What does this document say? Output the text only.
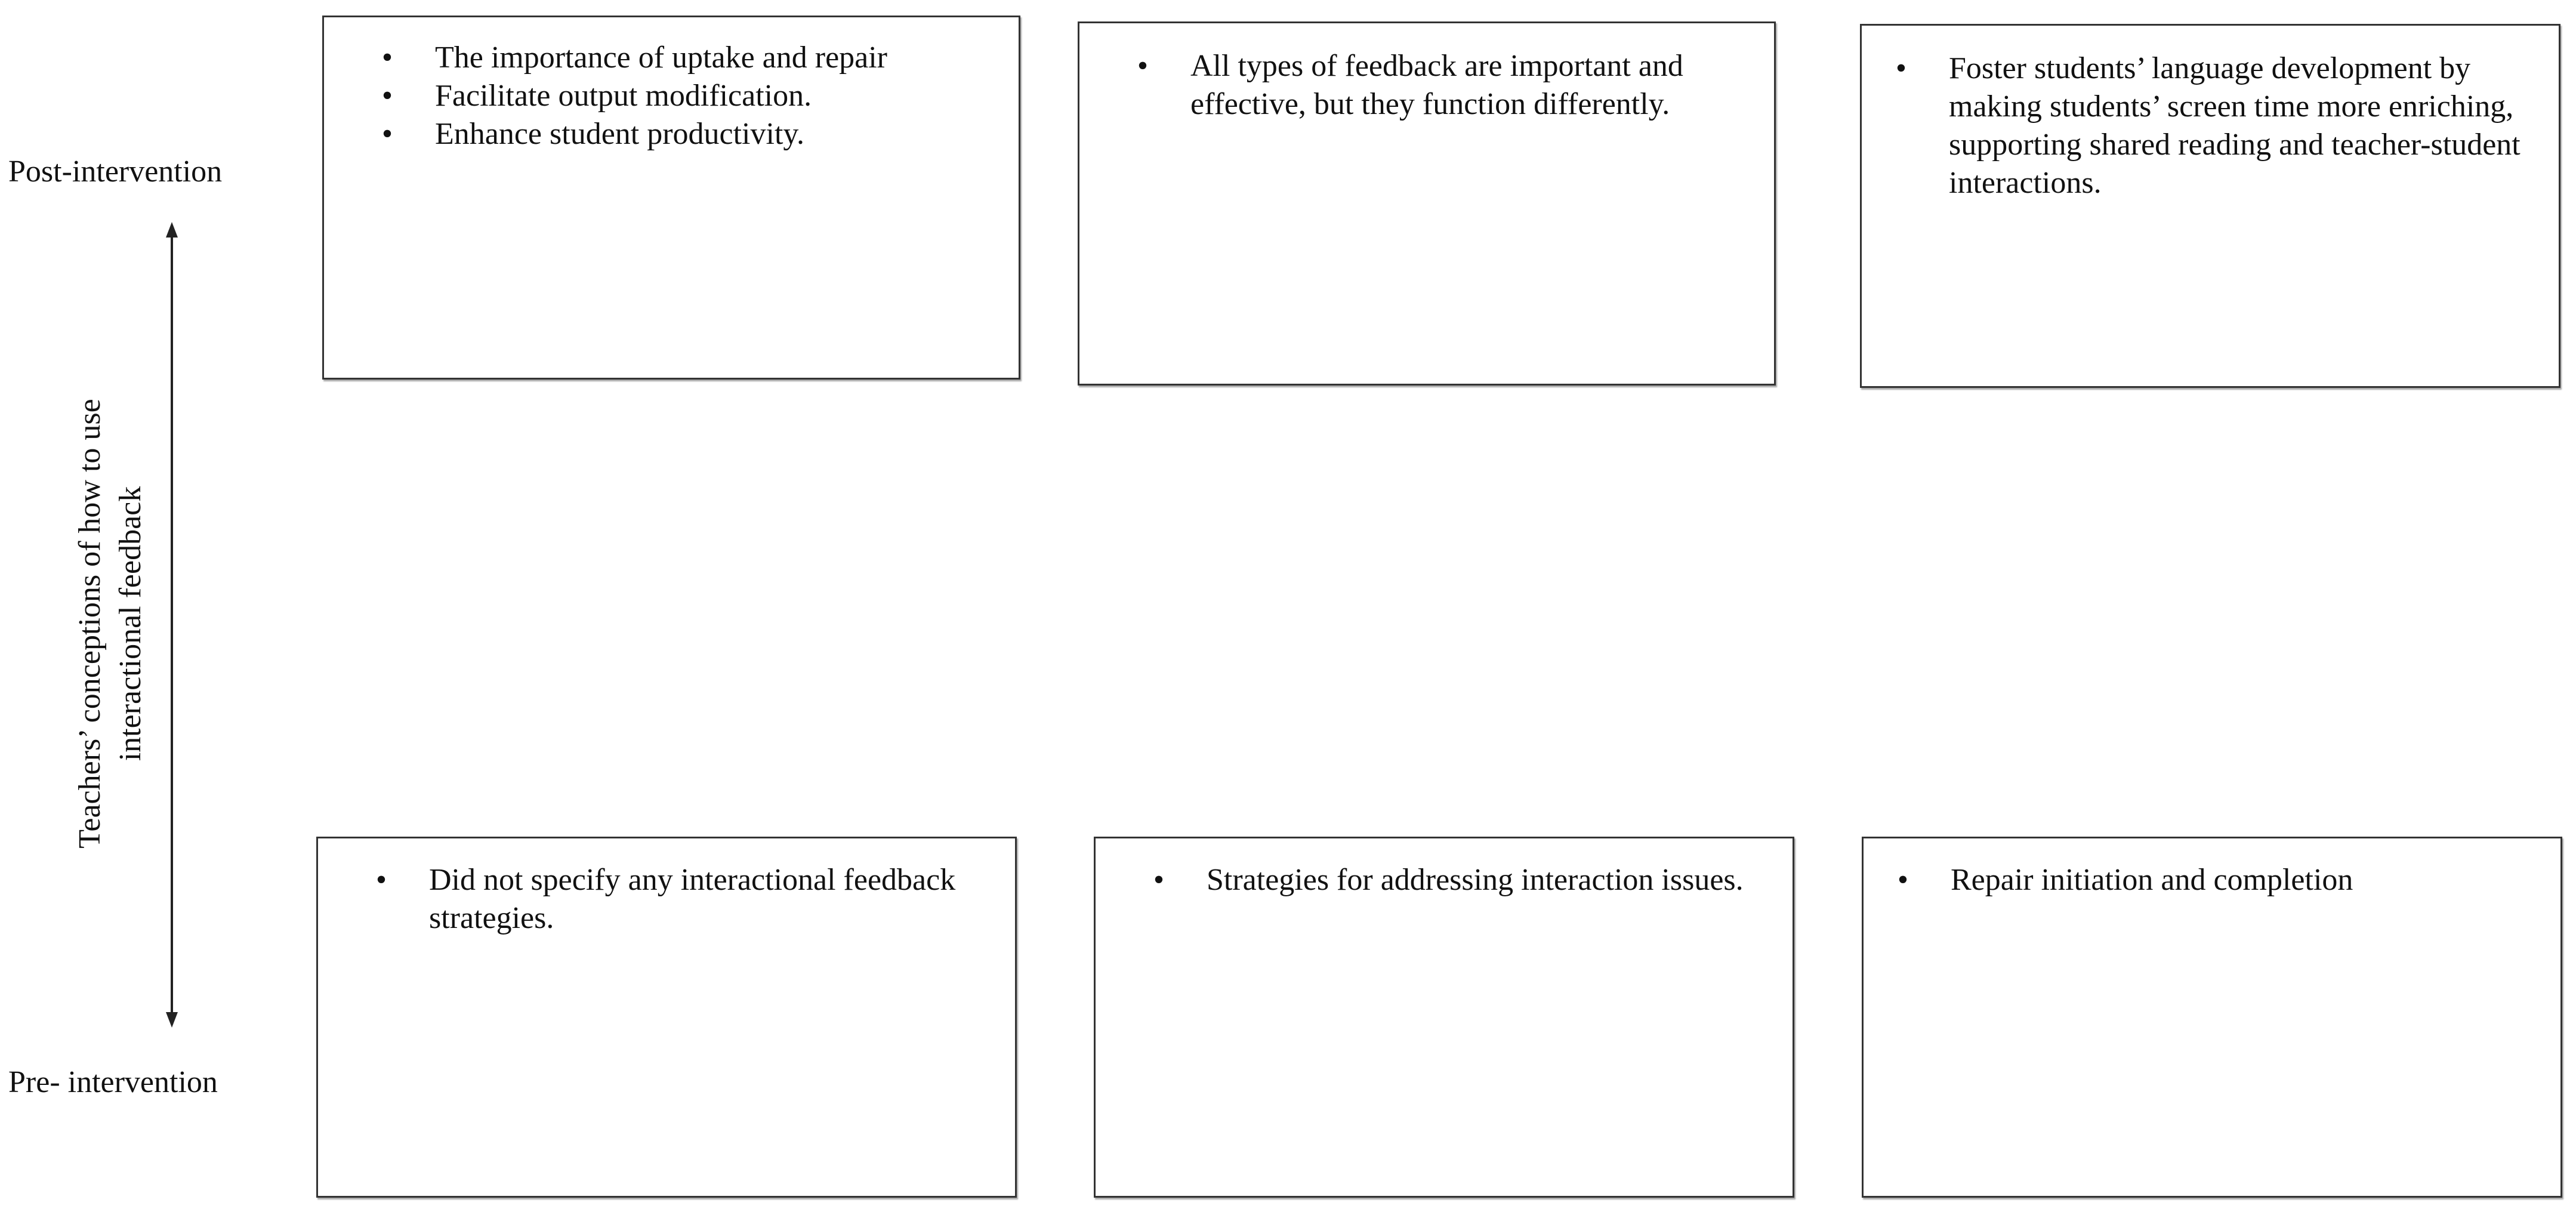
Post-intervention
Pre- intervention
Teachers’ conceptions of how to use interactional feedback
• The importance of uptake and repair
• Facilitate output modification.
• Enhance student productivity.
• All types of feedback are important and effective, but they function differently.
• Foster students’ language development by making students’ screen time more enriching, supporting shared reading and teacher-student interactions.
• Did not specify any interactional feedback strategies.
• Strategies for addressing interaction issues.	• Repair initiation and completion
